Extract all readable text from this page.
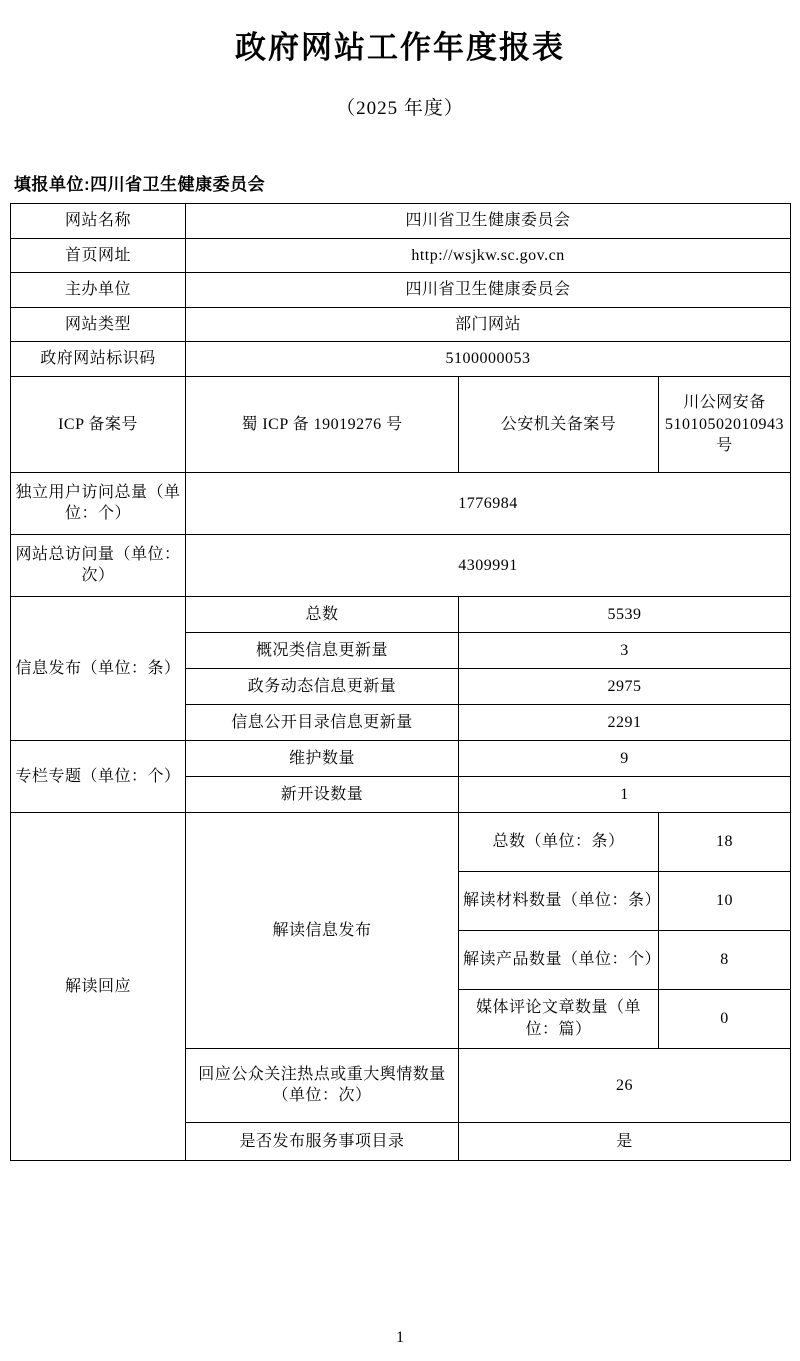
政府网站工作年度报表
（2025 年度）
填报单位:四川省卫生健康委员会
网站名称	四川省卫生健康委员会		
首页网址	http://wsjkw.sc.gov.cn		
主办单位	四川省卫生健康委员会		
网站类型	部门网站		
政府网站标识码	5100000053		
ICP 备案号	蜀 ICP 备 19019276 号	公安机关备案号	川公网安备 51010502010943 号
独立用户访问总量（单位：个）	1776984		
网站总访问量（单位：次）	4309991		
信息发布（单位：条）	总数	5539	
	概况类信息更新量	3	
	政务动态信息更新量	2975	
	信息公开目录信息更新量	2291	
专栏专题（单位：个）	维护数量	9	
	新开设数量	1	
解读回应	解读信息发布	总数（单位：条）	18
		解读材料数量（单位：条）	10
		解读产品数量（单位：个）	8
		媒体评论文章数量（单位：篇）	0
	回应公众关注热点或重大舆情数量（单位：次）	26	
	是否发布服务事项目录	是	
1
